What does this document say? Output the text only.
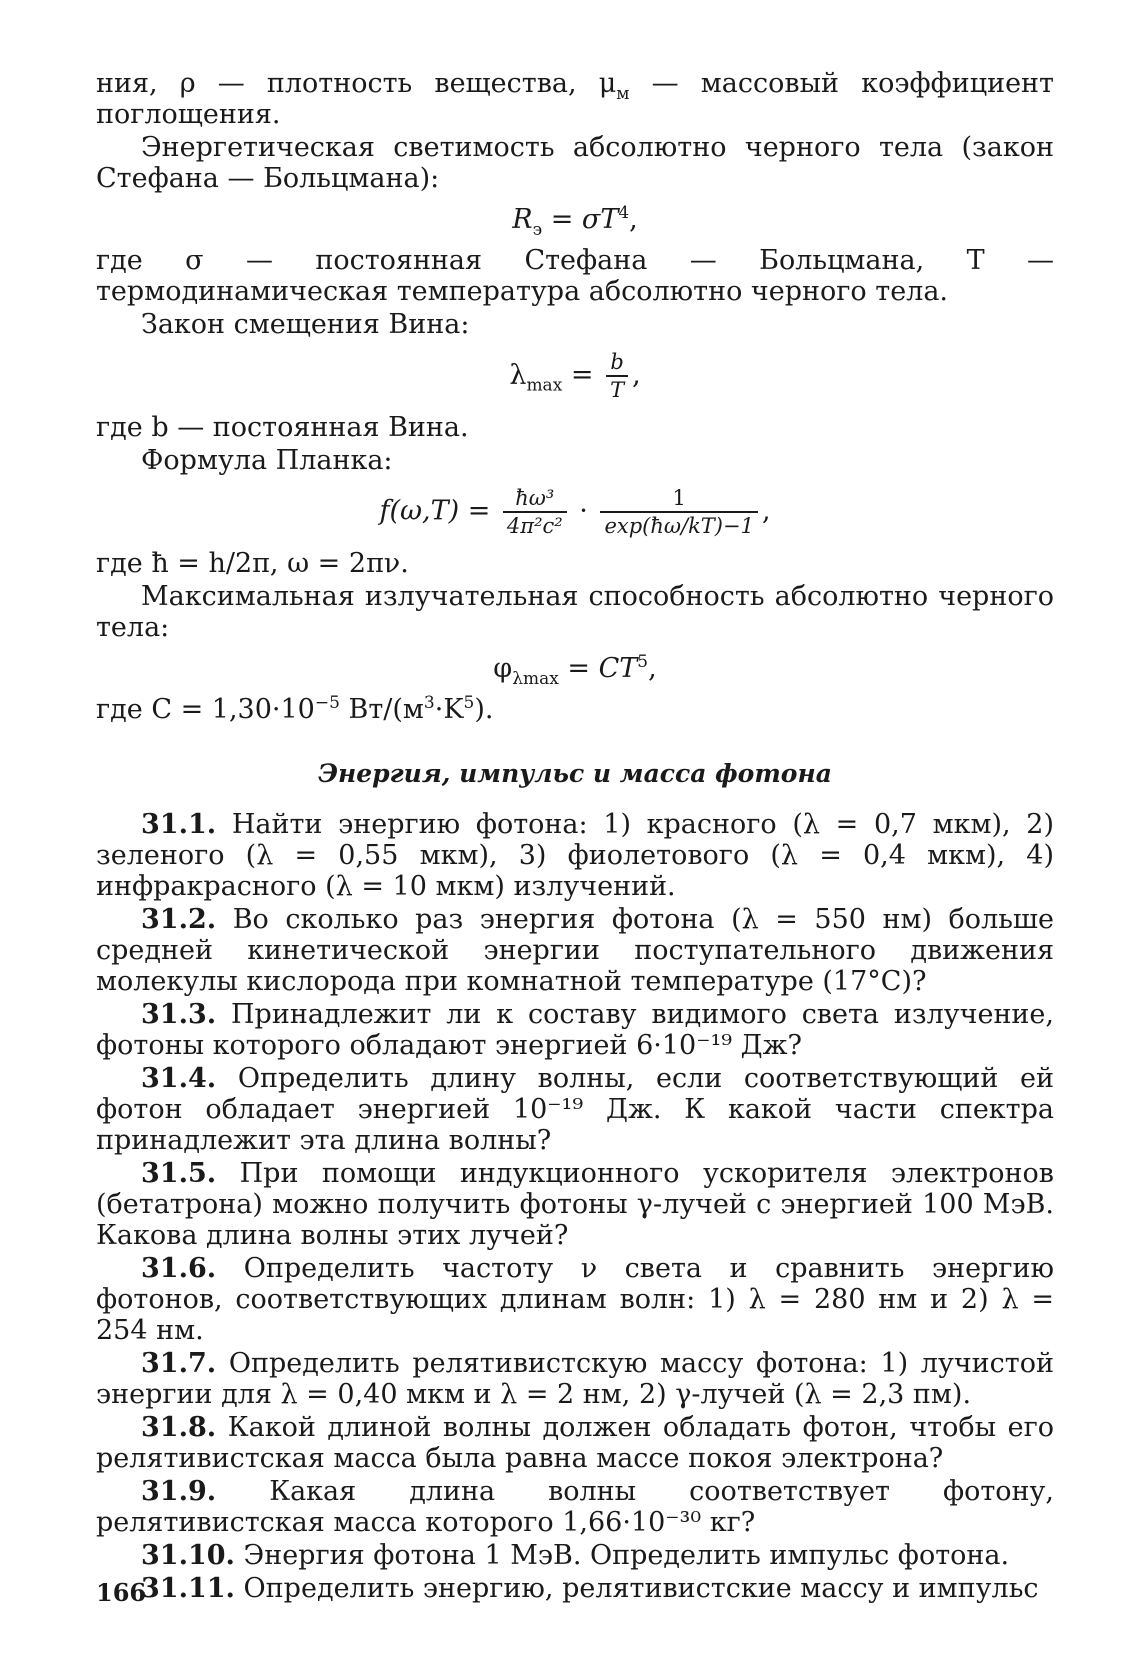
ния, ρ — плотность вещества, $\mu_м$ — массовый коэффициент поглощения.

Энергетическая светимость абсолютно черного тела (закон Стефана — Больцмана):

$R_э = \sigma T^4$,

где σ — постоянная Стефана — Больцмана, T — термодинамическая температура абсолютно черного тела.

Закон смещения Вина:

$\lambda_{max} = \frac{b}{T}$ ,

где b — постоянная Вина.

Формула Планка:

$f(\omega,T) = \frac{\text{ħω³}}{\text{4π²c²}} \cdot \frac{1}{\exp(ħ\omega/kT)-1}$ ,

где ħ = h/2π, ω = 2πν.

Максимальная излучательная способность абсолютно черного тела:

$\varphi_{\lambda max} = CT^5$,

где $C = 1,30\cdot 10^{-5}$ $Вт/(м^3\cdot K^5)$.

Энергия, импульс и масса фотона

31.1. Найти энергию фотона: 1) красного (λ = 0,7 мкм), 2) зеленого (λ = 0,55 мкм), 3) фиолетового (λ = 0,4 мкм), 4) инфракрасного (λ = 10 мкм) излучений.

31.2. Во сколько раз энергия фотона (λ = 550 нм) больше средней кинетической энергии поступательного движения молекулы кислорода при комнатной температуре (17°C)?

31.3. Принадлежит ли к составу видимого света излучение, фотоны которого обладают энергией 6·10⁻¹⁹ Дж?

31.4. Определить длину волны, если соответствующий ей фотон обладает энергией 10⁻¹⁹ Дж. К какой части спектра принадлежит эта длина волны?

31.5. При помощи индукционного ускорителя электронов (бетатрона) можно получить фотоны γ-лучей с энергией 100 МэВ. Какова длина волны этих лучей?

31.6. Определить частоту ν света и сравнить энергию фотонов, соответствующих длинам волн: 1) λ = 280 нм и 2) λ = 254 нм.

31.7. Определить релятивистскую массу фотона: 1) лучистой энергии для λ = 0,40 мкм и λ = 2 нм, 2) γ-лучей (λ = 2,3 пм).

31.8. Какой длиной волны должен обладать фотон, чтобы его релятивистская масса была равна массе покоя электрона?

31.9. Какая длина волны соответствует фотону, релятивистская масса которого 1,66·10⁻³⁰ кг?

31.10. Энергия фотона 1 МэВ. Определить импульс фотона.

31.11. Определить энергию, релятивистские массу и импульс

166
